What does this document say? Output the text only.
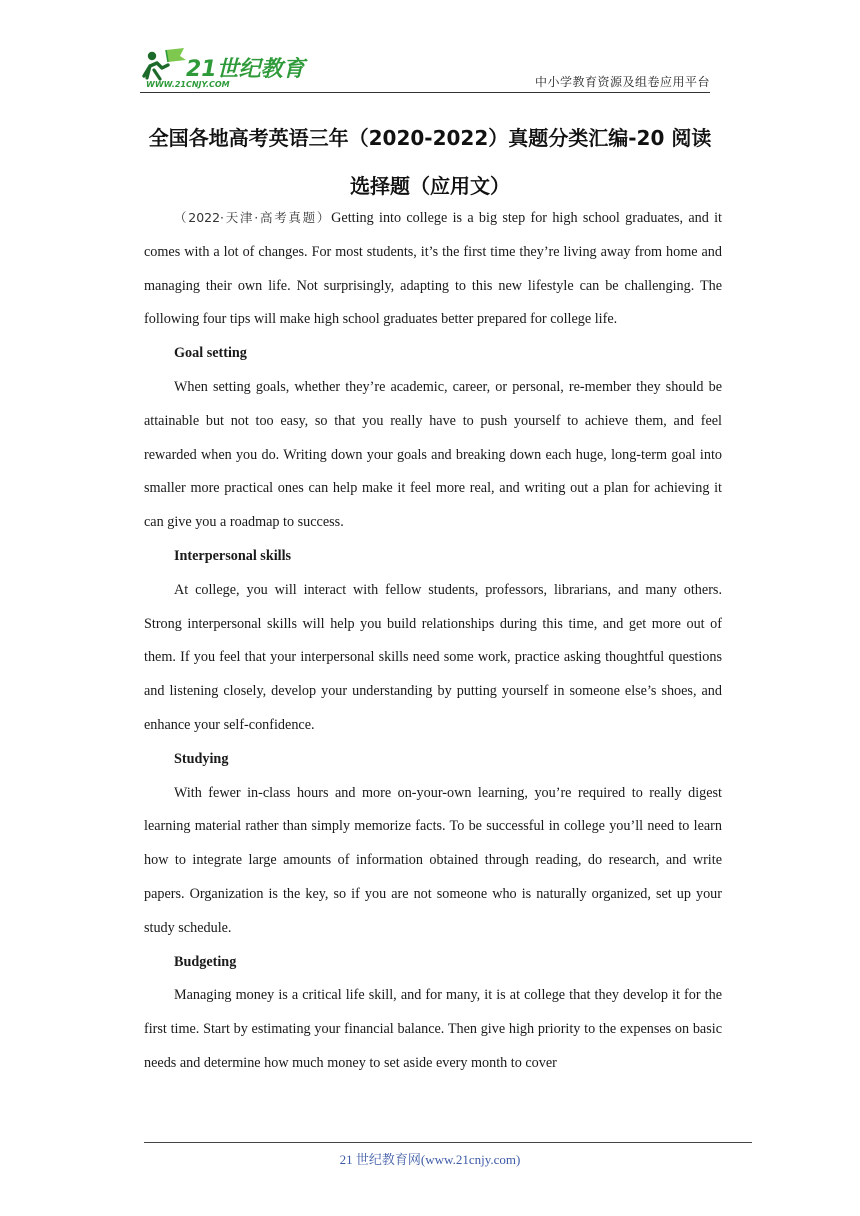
21世纪教育
WWW.21CNJY.COM	中小学教育资源及组卷应用平台
全国各地高考英语三年（2020-2022）真题分类汇编-20 阅读
选择题（应用文）

（2022·天津·高考真题）Getting into college is a big step for high school graduates, and it comes with a lot of changes. For most students, it’s the first time they’re living away from home and managing their own life. Not surprisingly, adapting to this new lifestyle can be challenging. The following four tips will make high school graduates better prepared for college life.

Goal setting

When setting goals, whether they’re academic, career, or personal, re-member they should be attainable but not too easy, so that you really have to push yourself to achieve them, and feel rewarded when you do. Writing down your goals and breaking down each huge, long-term goal into smaller more practical ones can help make it feel more real, and writing out a plan for achieving it can give you a roadmap to success.

Interpersonal skills

At college, you will interact with fellow students, professors, librarians, and many others. Strong interpersonal skills will help you build relationships during this time, and get more out of them. If you feel that your interpersonal skills need some work, practice asking thoughtful questions and listening closely, develop your understanding by putting yourself in someone else’s shoes, and enhance your self-confidence.

Studying

With fewer in-class hours and more on-your-own learning, you’re required to really digest learning material rather than simply memorize facts. To be successful in college you’ll need to learn how to integrate large amounts of information obtained through reading, do research, and write papers. Organization is the key, so if you are not someone who is naturally organized, set up your study schedule.

Budgeting

Managing money is a critical life skill, and for many, it is at college that they develop it for the first time. Start by estimating your financial balance. Then give high priority to the expenses on basic needs and determine how much money to set aside every month to cover

21 世纪教育网(www.21cnjy.com)
